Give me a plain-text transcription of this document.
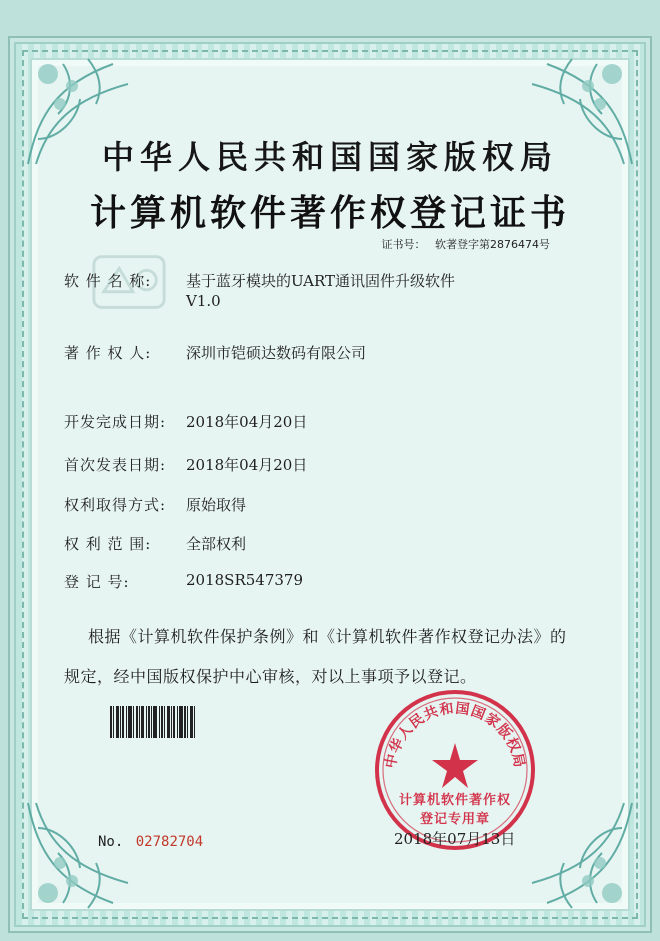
中华人民共和国国家版权局
计算机软件著作权登记证书
证书号： 软著登字第2876474号
软 件 名 称: 基于蓝牙模块的UART通讯固件升级软件
V1.0
著 作 权 人: 深圳市铠硕达数码有限公司
开发完成日期: 2018年04月20日
首次发表日期: 2018年04月20日
权利取得方式: 原始取得
权 利 范 围: 全部权利
登 记 号:	2018SR547379
根据《计算机软件保护条例》和《计算机软件著作权登记办法》的
规定，经中国版权保护中心审核，对以上事项予以登记。
No. 02782704
中华人民共和国国家版权局
计算机软件著作权
登记专用章
2018年07月13日
